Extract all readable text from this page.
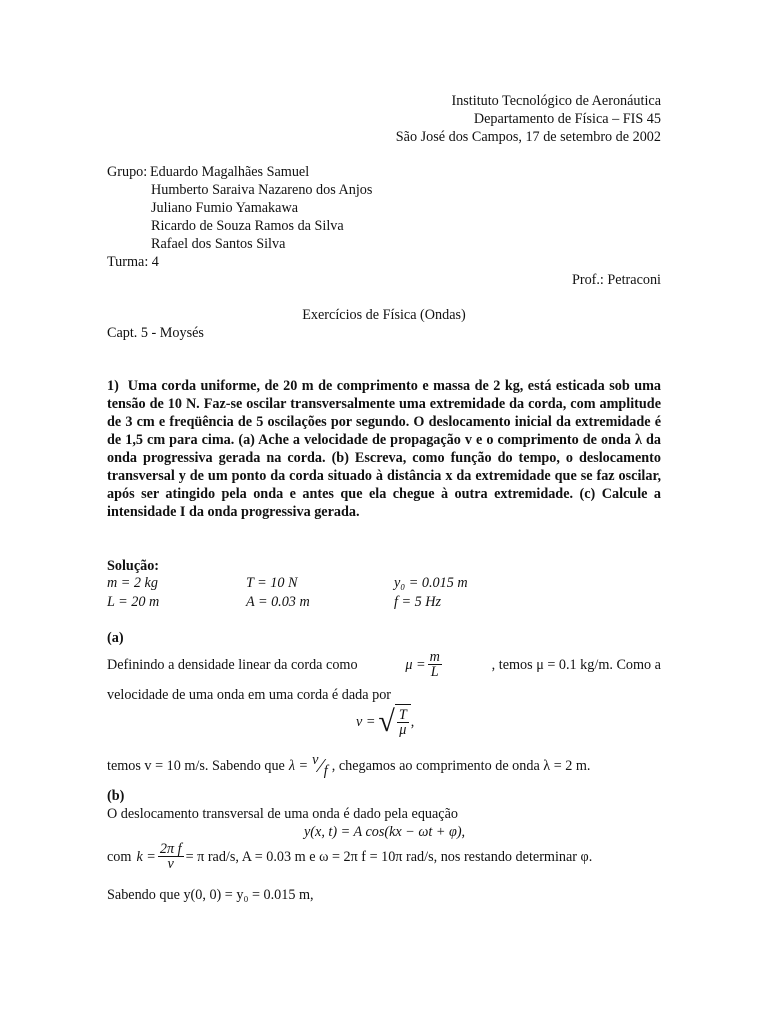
Instituto Tecnológico de Aeronáutica
Departamento de Física – FIS 45
São José dos Campos, 17 de setembro de 2002
Grupo: Eduardo Magalhães Samuel
Humberto Saraiva Nazareno dos Anjos
Juliano Fumio Yamakawa
Ricardo de Souza Ramos da Silva
Rafael dos Santos Silva
Turma: 4
Prof.: Petraconi
Exercícios de Física (Ondas)
Capt. 5 - Moysés
1) Uma corda uniforme, de 20 m de comprimento e massa de 2 kg, está esticada sob uma tensão de 10 N. Faz-se oscilar transversalmente uma extremidade da corda, com amplitude de 3 cm e freqüência de 5 oscilações por segundo. O deslocamento inicial da extremidade é de 1,5 cm para cima. (a) Ache a velocidade de propagação v e o comprimento de onda λ da onda progressiva gerada na corda. (b) Escreva, como função do tempo, o deslocamento transversal y de um ponto da corda situado à distância x da extremidade que se faz oscilar, após ser atingido pela onda e antes que ela chegue à outra extremidade. (c) Calcule a intensidade I da onda progressiva gerada.
Solução:
m = 2 kg	T = 10 N	y₀ = 0.015 m
L = 20 m	A = 0.03 m	f = 5 Hz
(a)
Definindo a densidade linear da corda como	$\mu = \frac{m}{L}$	, temos μ = 0.1 kg/m. Como a
velocidade de uma onda em uma corda é dada por
v = √ $\frac{T}{\mu}$ ,
temos v = 10 m/s. Sabendo que λ = v ⁄ f , chegamos ao comprimento de onda λ = 2 m.
(b)
O deslocamento transversal de uma onda é dado pela equação
y(x, t) = A cos(kx − ωt + φ),
com $k = \frac{\text{2π f}}{v} = \pi$ rad/s, A = 0.03 m e ω = 2π f = 10π rad/s, nos restando determinar φ.
Sabendo que y(0, 0) = y₀ = 0.015 m,
